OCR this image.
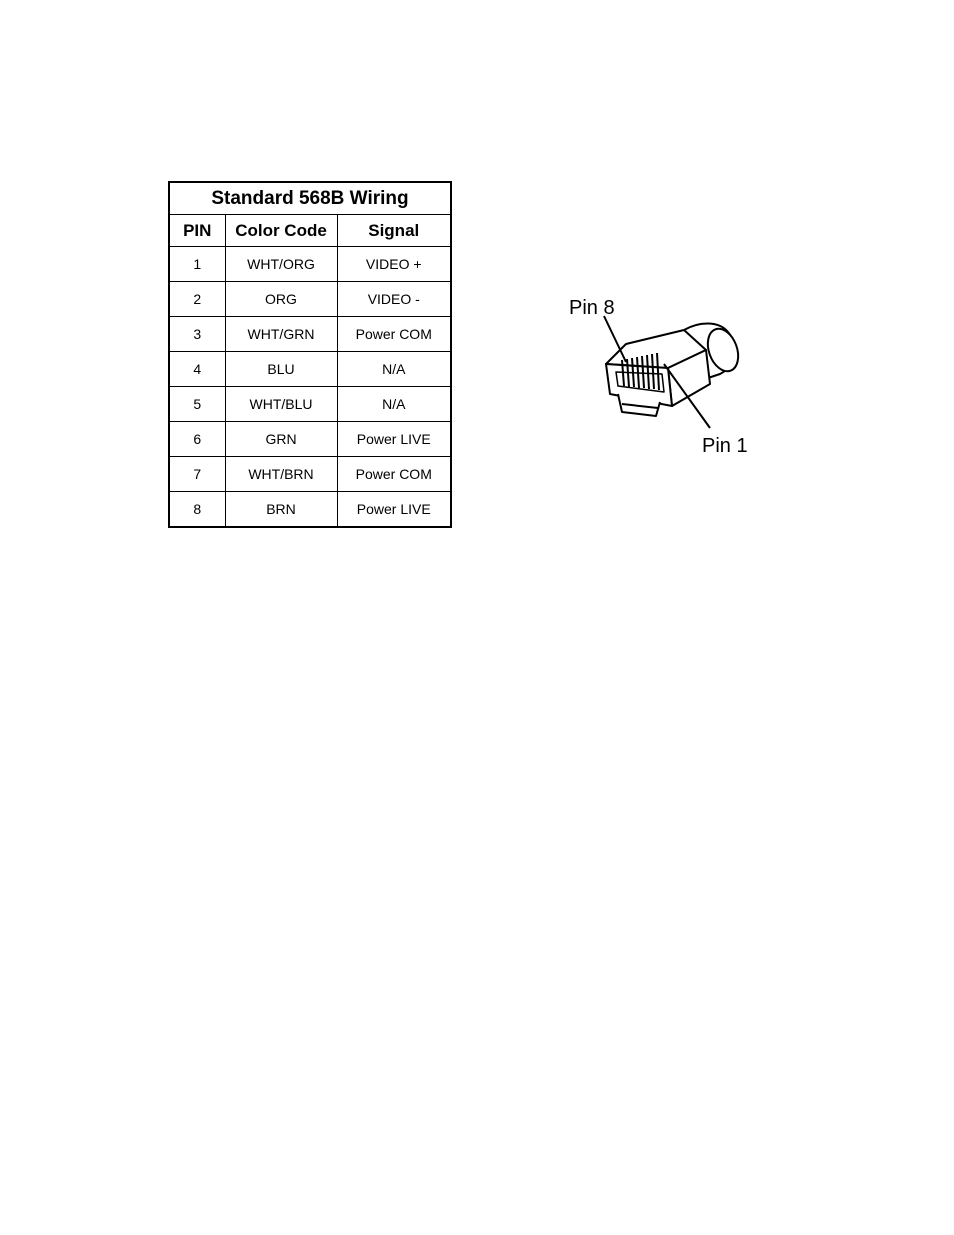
Standard 568B Wiring		
PIN	Color Code	Signal
1	WHT/ORG	VIDEO +
2	ORG	VIDEO -
3	WHT/GRN	Power COM
4	BLU	N/A
5	WHT/BLU	N/A
6	GRN	Power LIVE
7	WHT/BRN	Power COM
8	BRN	Power LIVE
Pin 8
Pin 1
